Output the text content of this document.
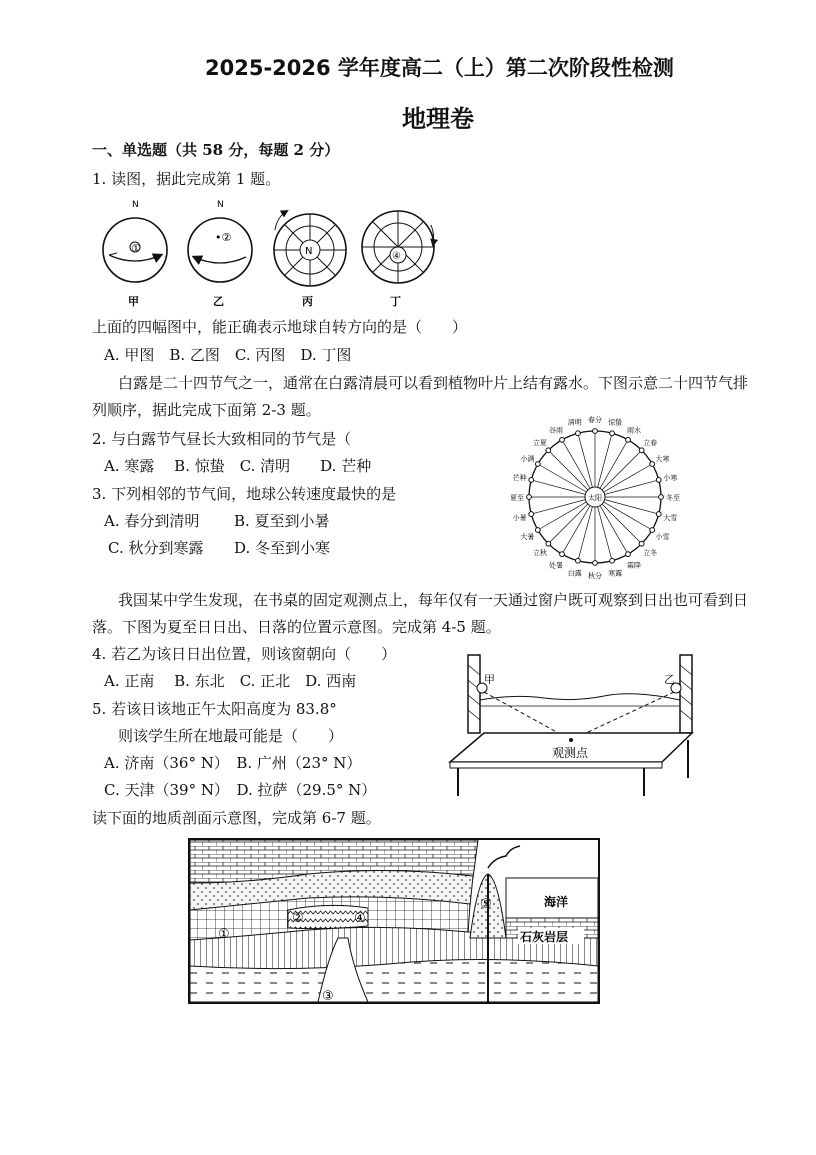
2025-2026 学年度高二（上）第二次阶段性检测
地理卷
一、单选题（共 58 分，每题 2 分）
1. 读图，据此完成第 1 题。
N
①
甲
N
•②
乙
N
丙
④
丁
上面的四幅图中，能正确表示地球自转方向的是（　　）
A. 甲图　B. 乙图　C. 丙图　D. 丁图
白露是二十四节气之一，通常在白露清晨可以看到植物叶片上结有露水。下图示意二十四节气排
列顺序，据此完成下面第 2-3 题。
2. 与白露节气昼长大致相同的节气是（
A. 寒露　 B. 惊蛰　C. 清明　　D. 芒种
3. 下列相邻的节气间，地球公转速度最快的是
A. 春分到清明 B. 夏至到小暑
C. 秋分到寒露 D. 冬至到小寒
春分
清明
谷雨
立夏
小满
芒种
夏至
小暑
大暑
立秋
处暑
白露 秋分 寒露
霜降
立冬
小雪
大雪
冬至
小寒
大寒
立春
雨水
惊蛰
太阳
我国某中学生发现，在书桌的固定观测点上，每年仅有一天通过窗户既可观察到日出也可看到日
落。下图为夏至日日出、日落的位置示意图。完成第 4-5 题。
4. 若乙为该日日出位置，则该窗朝向（　　）
A. 正南　 B. 东北　C. 正北　D. 西南
5. 若该日该地正午太阳高度为 83.8°
则该学生所在地最可能是（　　）
A. 济南（36° N）　B. 广州（23° N）
C. 天津（39° N）　D. 拉萨（29.5° N）
甲	乙
观测点
读下面的地质剖面示意图，完成第 6-7 题。
海洋
石灰岩层
①
②
③
④
⑤
